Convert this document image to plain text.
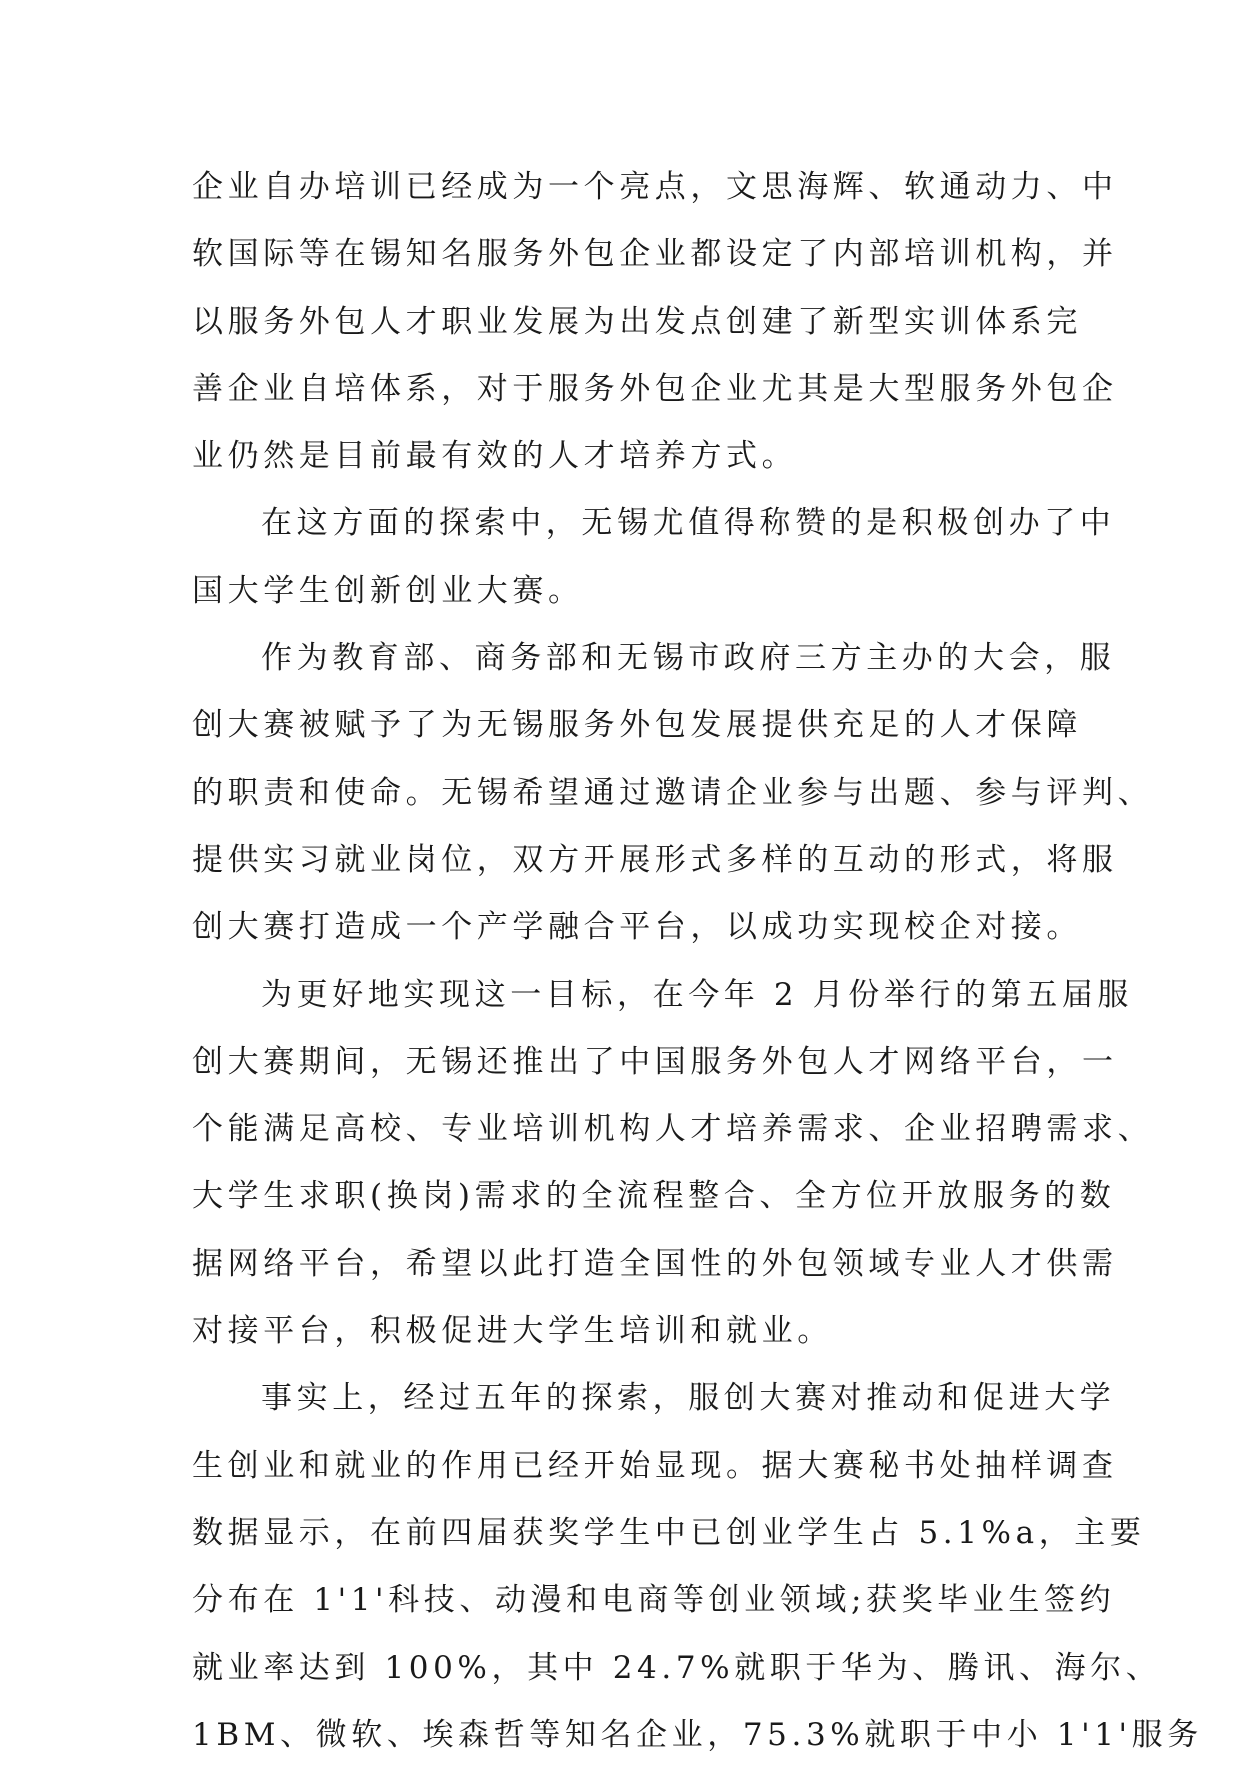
企业自办培训已经成为一个亮点，文思海辉、软通动力、中
软国际等在锡知名服务外包企业都设定了内部培训机构，并
以服务外包人才职业发展为出发点创建了新型实训体系完
善企业自培体系，对于服务外包企业尤其是大型服务外包企
业仍然是目前最有效的人才培养方式。
在这方面的探索中，无锡尤值得称赞的是积极创办了中
国大学生创新创业大赛。
作为教育部、商务部和无锡市政府三方主办的大会，服
创大赛被赋予了为无锡服务外包发展提供充足的人才保障
的职责和使命。无锡希望通过邀请企业参与出题、参与评判、
提供实习就业岗位，双方开展形式多样的互动的形式，将服
创大赛打造成一个产学融合平台，以成功实现校企对接。
为更好地实现这一目标，在今年 2 月份举行的第五届服
创大赛期间，无锡还推出了中国服务外包人才网络平台，一
个能满足高校、专业培训机构人才培养需求、企业招聘需求、
大学生求职(换岗)需求的全流程整合、全方位开放服务的数
据网络平台，希望以此打造全国性的外包领域专业人才供需
对接平台，积极促进大学生培训和就业。
事实上，经过五年的探索，服创大赛对推动和促进大学
生创业和就业的作用已经开始显现。据大赛秘书处抽样调查
数据显示，在前四届获奖学生中已创业学生占 5.1%a，主要
分布在 1'1'科技、动漫和电商等创业领域;获奖毕业生签约
就业率达到 100%，其中 24.7%就职于华为、腾讯、海尔、
1BM、微软、埃森哲等知名企业，75.3%就职于中小 1'1'服务
